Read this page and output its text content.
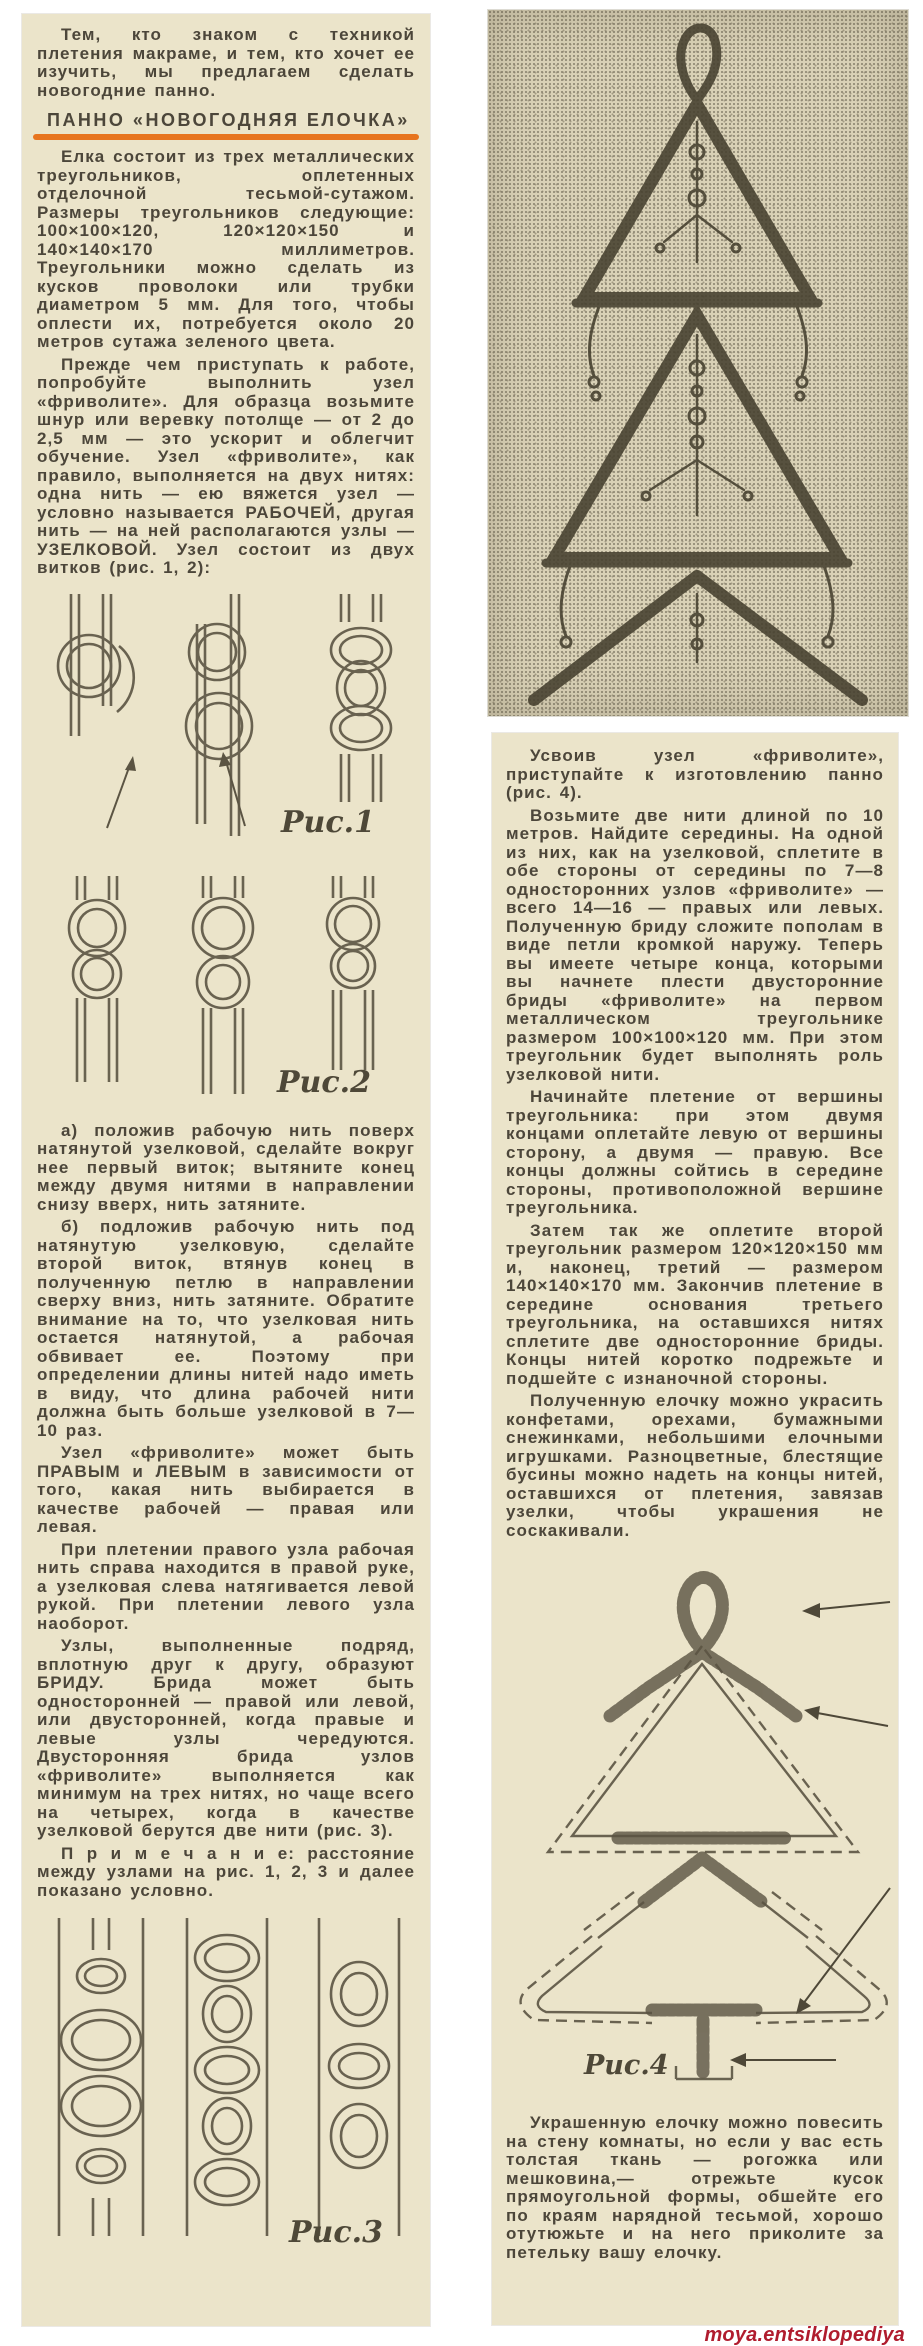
Тем, кто знаком с техникой плетения макраме, и тем, кто хочет ее изучить, мы предлагаем сделать новогодние панно.

ПАННО «НОВОГОДНЯЯ ЕЛОЧКА»

Елка состоит из трех металлических треугольников, оплетенных отделочной тесьмой-сутажом. Размеры треугольников следующие: 100×100×120, 120×120×150 и 140×140×170 миллиметров. Треугольники можно сделать из кусков проволоки или трубки диаметром 5 мм. Для того, чтобы оплести их, потребуется около 20 метров сутажа зеленого цвета.

Прежде чем приступать к работе, попробуйте выполнить узел «фриволите». Для образца возьмите шнур или веревку потолще — от 2 до 2,5 мм — это ускорит и облегчит обучение. Узел «фриволите», как правило, выполняется на двух нитях: одна нить — ею вяжется узел — условно называется РАБОЧЕЙ, другая нить — на ней располагаются узлы — УЗЕЛКОВОЙ. Узел состоит из двух витков (рис. 1, 2):

Рис.1
Рис.2

а) положив рабочую нить поверх натянутой узелковой, сделайте вокруг нее первый виток; вытяните конец между двумя нитями в направлении снизу вверх, нить затяните.

б) подложив рабочую нить под натянутую узелковую, сделайте второй виток, втянув конец в полученную петлю в направлении сверху вниз, нить затяните. Обратите внимание на то, что узелковая нить остается натянутой, а рабочая обвивает ее. Поэтому при определении длины нитей надо иметь в виду, что длина рабочей нити должна быть больше узелковой в 7—10 раз.

Узел «фриволите» может быть ПРАВЫМ и ЛЕВЫМ в зависимости от того, какая нить выбирается в качестве рабочей — правая или левая.

При плетении правого узла рабочая нить справа находится в правой руке, а узелковая слева натягивается левой рукой. При плетении левого узла наоборот.

Узлы, выполненные подряд, вплотную друг к другу, образуют БРИДУ. Брида может быть односторонней — правой или левой, или двусторонней, когда правые и левые узлы чередуются. Двусторонняя брида узлов «фриволите» выполняется как минимум на трех нитях, но чаще всего на четырех, когда в качестве узелковой берутся две нити (рис. 3).

П р и м е ч а н и е: расстояние между узлами на рис. 1, 2, 3 и далее показано условно.

Рис.3

Усвоив узел «фриволите», приступайте к изготовлению панно (рис. 4).

Возьмите две нити длиной по 10 метров. Найдите середины. На одной из них, как на узелковой, сплетите в обе стороны от середины по 7—8 односторонних узлов «фриволите» — всего 14—16 — правых или левых. Полученную бриду сложите пополам в виде петли кромкой наружу. Теперь вы имеете четыре конца, которыми вы начнете плести двусторонние бриды «фриволите» на первом металлическом треугольнике размером 100×100×120 мм. При этом треугольник будет выполнять роль узелковой нити.

Начинайте плетение от вершины треугольника: при этом двумя концами оплетайте левую от вершины сторону, а двумя — правую. Все концы должны сойтись в середине стороны, противоположной вершине треугольника.

Затем так же оплетите второй треугольник размером 120×120×150 мм и, наконец, третий — размером 140×140×170 мм. Закончив плетение в середине основания третьего треугольника, на оставшихся нитях сплетите две односторонние бриды. Концы нитей коротко подрежьте и подшейте с изнаночной стороны.

Полученную елочку можно украсить конфетами, орехами, бумажными снежинками, небольшими елочными игрушками. Разноцветные, блестящие бусины можно надеть на концы нитей, оставшихся от плетения, завязав узелки, чтобы украшения не соскакивали.

Рис.4

Украшенную елочку можно повесить на стену комнаты, но если у вас есть толстая ткань — рогожка или мешковина,— отрежьте кусок прямоугольной формы, обшейте его по краям нарядной тесьмой, хорошо отутюжьте и на него приколите за петельку вашу елочку.

moya.entsiklopediya
